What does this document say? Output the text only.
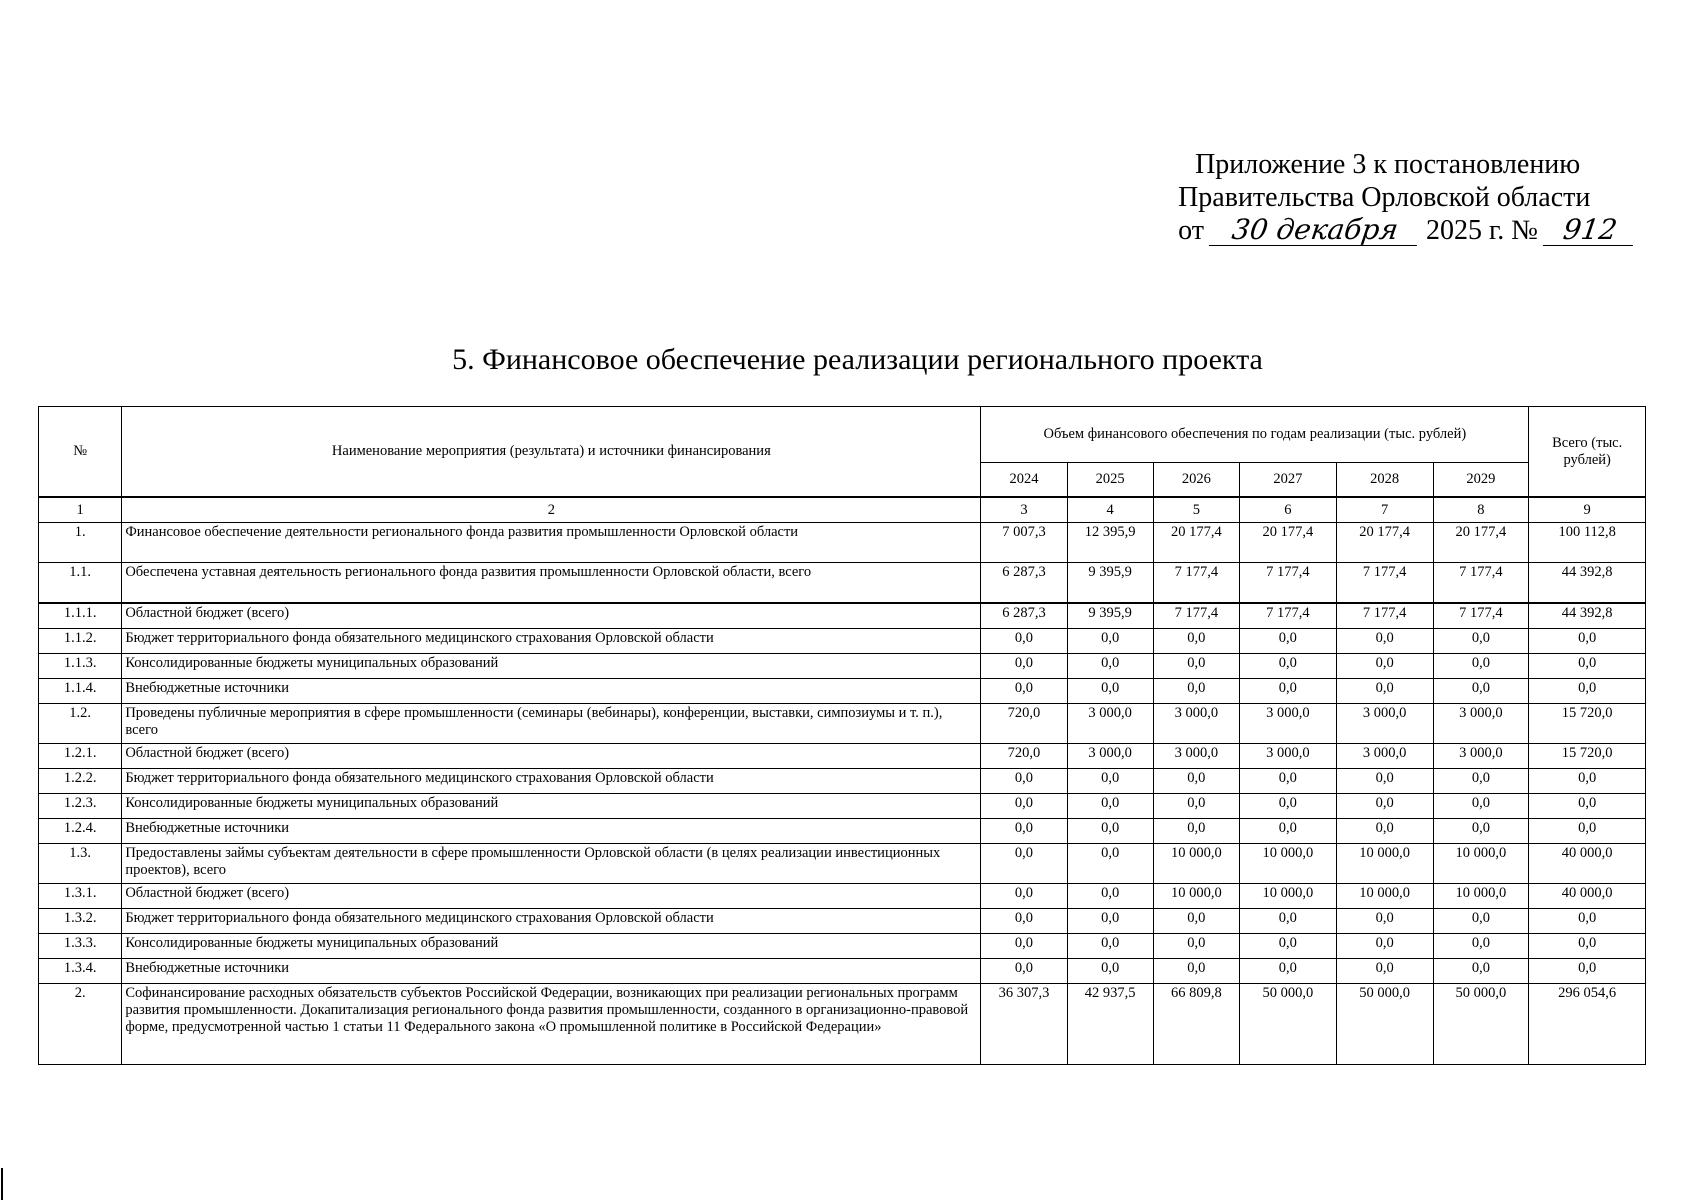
Приложение 3 к постановлению
Правительства Орловской области
от 30 декабря 2025 г. № 912
5. Финансовое обеспечение реализации регионального проекта
№	Наименование мероприятия (результата) и источники финансирования	Объем финансового обеспечения по годам реализации (тыс. рублей)						Всего (тыс. рублей)
		2024	2025	2026	2027	2028	2029	
1	2	3	4	5	6	7	8	9
1.	Финансовое обеспечение деятельности регионального фонда развития промышленности Орловской области	7 007,3	12 395,9	20 177,4	20 177,4	20 177,4	20 177,4	100 112,8
1.1.	Обеспечена уставная деятельность регионального фонда развития промышленности Орловской области, всего	6 287,3	9 395,9	7 177,4	7 177,4	7 177,4	7 177,4	44 392,8
1.1.1.	Областной бюджет (всего)	6 287,3	9 395,9	7 177,4	7 177,4	7 177,4	7 177,4	44 392,8
1.1.2.	Бюджет территориального фонда обязательного медицинского страхования Орловской области	0,0	0,0	0,0	0,0	0,0	0,0	0,0
1.1.3.	Консолидированные бюджеты муниципальных образований	0,0	0,0	0,0	0,0	0,0	0,0	0,0
1.1.4.	Внебюджетные источники	0,0	0,0	0,0	0,0	0,0	0,0	0,0
1.2.	Проведены публичные мероприятия в сфере промышленности (семинары (вебинары), конференции, выставки, симпозиумы и т. п.), всего	720,0	3 000,0	3 000,0	3 000,0	3 000,0	3 000,0	15 720,0
1.2.1.	Областной бюджет (всего)	720,0	3 000,0	3 000,0	3 000,0	3 000,0	3 000,0	15 720,0
1.2.2.	Бюджет территориального фонда обязательного медицинского страхования Орловской области	0,0	0,0	0,0	0,0	0,0	0,0	0,0
1.2.3.	Консолидированные бюджеты муниципальных образований	0,0	0,0	0,0	0,0	0,0	0,0	0,0
1.2.4.	Внебюджетные источники	0,0	0,0	0,0	0,0	0,0	0,0	0,0
1.3.	Предоставлены займы субъектам деятельности в сфере промышленности Орловской области (в целях реализации инвестиционных проектов), всего	0,0	0,0	10 000,0	10 000,0	10 000,0	10 000,0	40 000,0
1.3.1.	Областной бюджет (всего)	0,0	0,0	10 000,0	10 000,0	10 000,0	10 000,0	40 000,0
1.3.2.	Бюджет территориального фонда обязательного медицинского страхования Орловской области	0,0	0,0	0,0	0,0	0,0	0,0	0,0
1.3.3.	Консолидированные бюджеты муниципальных образований	0,0	0,0	0,0	0,0	0,0	0,0	0,0
1.3.4.	Внебюджетные источники	0,0	0,0	0,0	0,0	0,0	0,0	0,0
2.	Софинансирование расходных обязательств субъектов Российской Федерации, возникающих при реализации региональных программ развития промышленности. Докапитализация регионального фонда развития промышленности, созданного в организационно-правовой форме, предусмотренной частью 1 статьи 11 Федерального закона «О промышленной политике в Российской Федерации»	36 307,3	42 937,5	66 809,8	50 000,0	50 000,0	50 000,0	296 054,6
